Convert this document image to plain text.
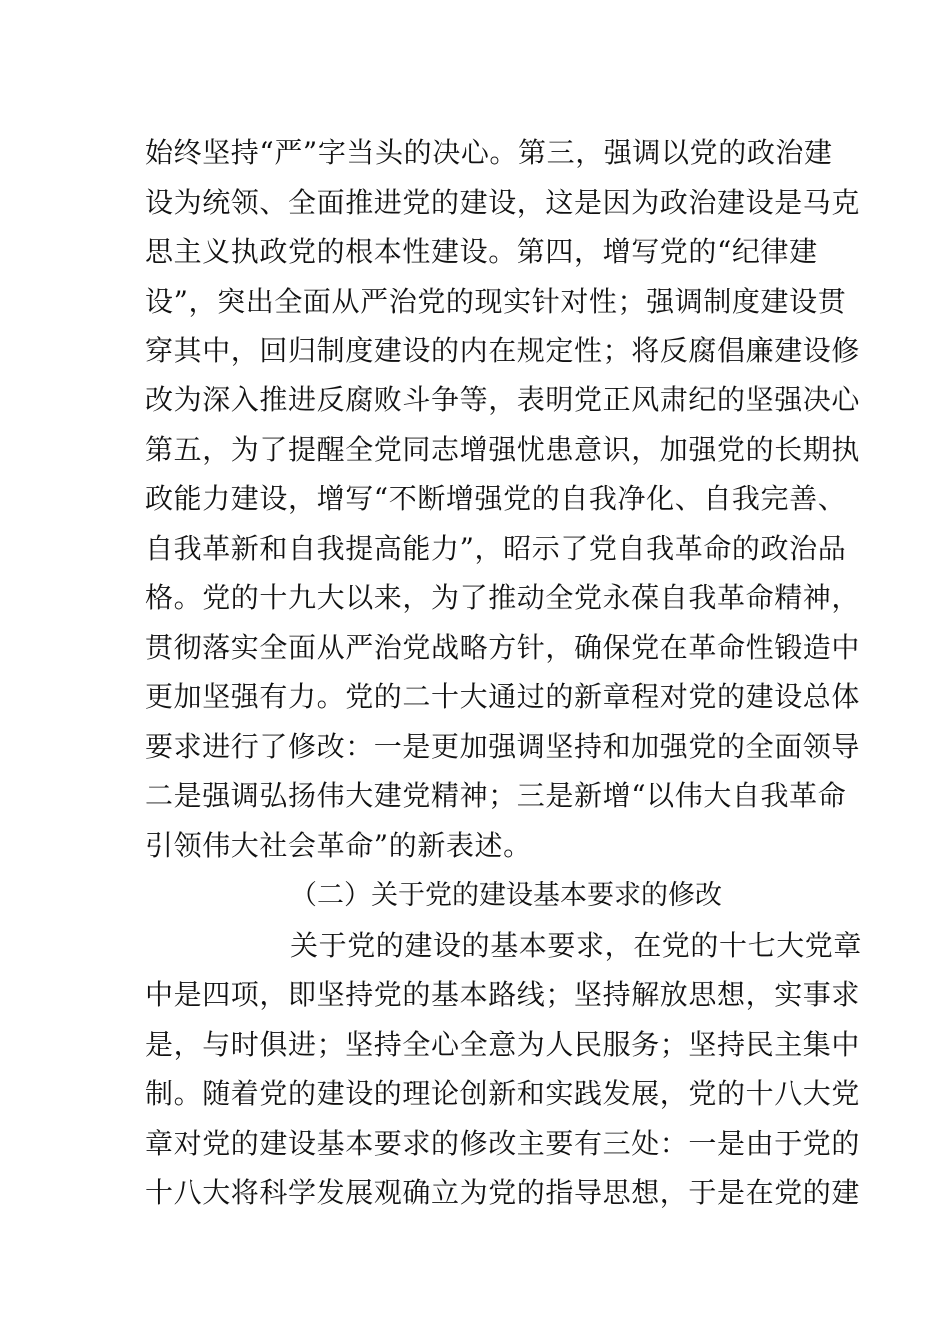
始终坚持“严”字当头的决心。第三，强调以党的政治建
设为统领、全面推进党的建设，这是因为政治建设是马克
思主义执政党的根本性建设。第四，增写党的“纪律建
设”，突出全面从严治党的现实针对性；强调制度建设贯
穿其中，回归制度建设的内在规定性；将反腐倡廉建设修
改为深入推进反腐败斗争等，表明党正风肃纪的坚强决心
第五，为了提醒全党同志增强忧患意识，加强党的长期执
政能力建设，增写“不断增强党的自我净化、自我完善、
自我革新和自我提高能力”，昭示了党自我革命的政治品
格。党的十九大以来，为了推动全党永葆自我革命精神，
贯彻落实全面从严治党战略方针，确保党在革命性锻造中
更加坚强有力。党的二十大通过的新章程对党的建设总体
要求进行了修改：一是更加强调坚持和加强党的全面领导
二是强调弘扬伟大建党精神；三是新增“以伟大自我革命
引领伟大社会革命”的新表述。
（二）关于党的建设基本要求的修改
关于党的建设的基本要求，在党的十七大党章
中是四项，即坚持党的基本路线；坚持解放思想，实事求
是，与时俱进；坚持全心全意为人民服务；坚持民主集中
制。随着党的建设的理论创新和实践发展，党的十八大党
章对党的建设基本要求的修改主要有三处：一是由于党的
十八大将科学发展观确立为党的指导思想，于是在党的建
